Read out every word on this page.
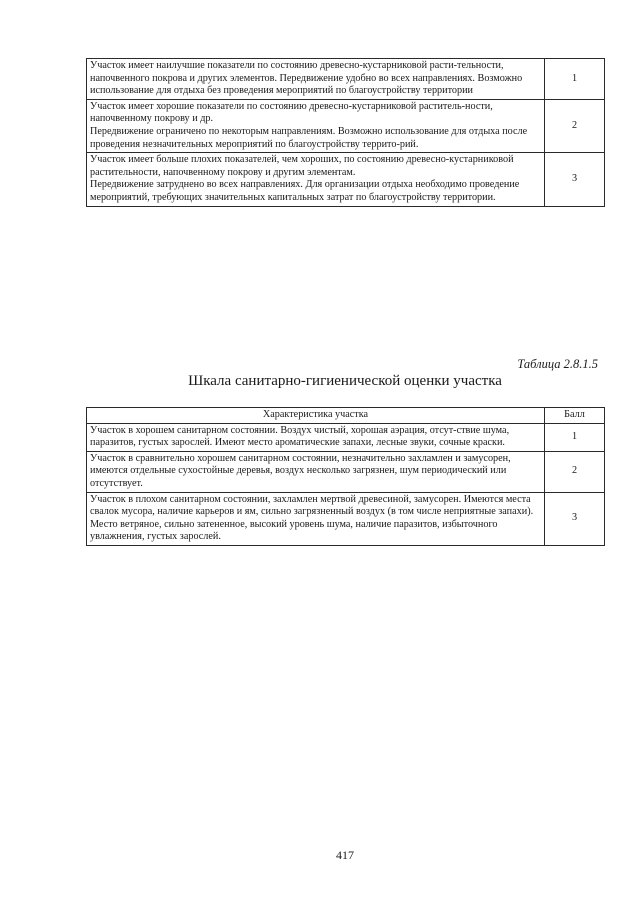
Участок имеет наилучшие показатели по состоянию древесно-кустарниковой расти-тельности, напочвенного покрова и других элементов. Передвижение удобно во всех направлениях. Возможно использование для отдыха без проведения мероприятий по благоустройству территории	1

Участок имеет хорошие показатели по состоянию древесно-кустарниковой раститель-ности, напочвенному покрову и др.

Передвижение ограничено по некоторым направлениям. Возможно использование для отдыха после проведения незначительных мероприятий по благоустройству террито-рий.	2

Участок имеет больше плохих показателей, чем хороших, по состоянию древесно-кустарниковой растительности, напочвенному покрову и другим элементам.

Передвижение затруднено во всех направлениях. Для организации отдыха необходимо проведение мероприятий, требующих значительных капитальных затрат по благоустройству территории.	3
Таблица 2.8.1.5
Шкала санитарно-гигиенической оценки участка
Характеристика участка	Балл
Участок в хорошем санитарном состоянии. Воздух чистый, хорошая аэрация, отсут-ствие шума, паразитов, густых зарослей. Имеют место ароматические запахи, лесные звуки, сочные краски.	1
Участок в сравнительно хорошем санитарном состоянии, незначительно захламлен и замусорен, имеются отдельные сухостойные деревья, воздух несколько загрязнен, шум периодический или отсутствует.	2
Участок в плохом санитарном состоянии, захламлен мертвой древесиной, замусорен. Имеются места свалок мусора, наличие карьеров и ям, сильно загрязненный воздух (в том числе неприятные запахи). Место ветряное, сильно затененное, высокий уровень шума, наличие паразитов, избыточного увлажнения, густых зарослей.	3
417
